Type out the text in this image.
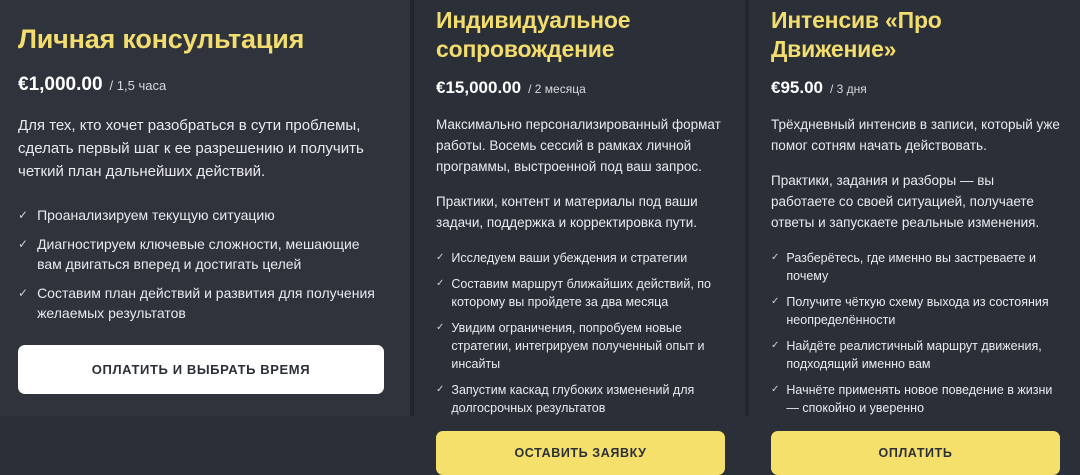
Личная консультация
€1,000.00 / 1,5 часа

Для тех, кто хочет разобраться в сути проблемы, сделать первый шаг к ее разрешению и получить четкий план дальнейших действий.

✓ Проанализируем текущую ситуацию
✓ Диагностируем ключевые сложности, мешающие вам двигаться вперед и достигать целей
✓ Составим план действий и развития для получения желаемых результатов
ОПЛАТИТЬ И ВЫБРАТЬ ВРЕМЯ
Индивидуальное сопровождение
€15,000.00 / 2 месяца

Максимально персонализированный формат работы. Восемь сессий в рамках личной программы, выстроенной под ваш запрос.

Практики, контент и материалы под ваши задачи, поддержка и корректировка пути.

✓ Исследуем ваши убеждения и стратегии
✓ Составим маршрут ближайших действий, по которому вы пройдете за два месяца
✓ Увидим ограничения, попробуем новые стратегии, интегрируем полученный опыт и инсайты
✓ Запустим каскад глубоких изменений для долгосрочных результатов
ОСТАВИТЬ ЗАЯВКУ
Интенсив «Про Движение»
€95.00 / 3 дня

Трёхдневный интенсив в записи, который уже помог сотням начать действовать.

Практики, задания и разборы — вы работаете со своей ситуацией, получаете ответы и запускаете реальные изменения.

✓ Разберётесь, где именно вы застреваете и почему
✓ Получите чёткую схему выхода из состояния неопределённости
✓ Найдёте реалистичный маршрут движения, подходящий именно вам
✓ Начнёте применять новое поведение в жизни — спокойно и уверенно
ОПЛАТИТЬ
